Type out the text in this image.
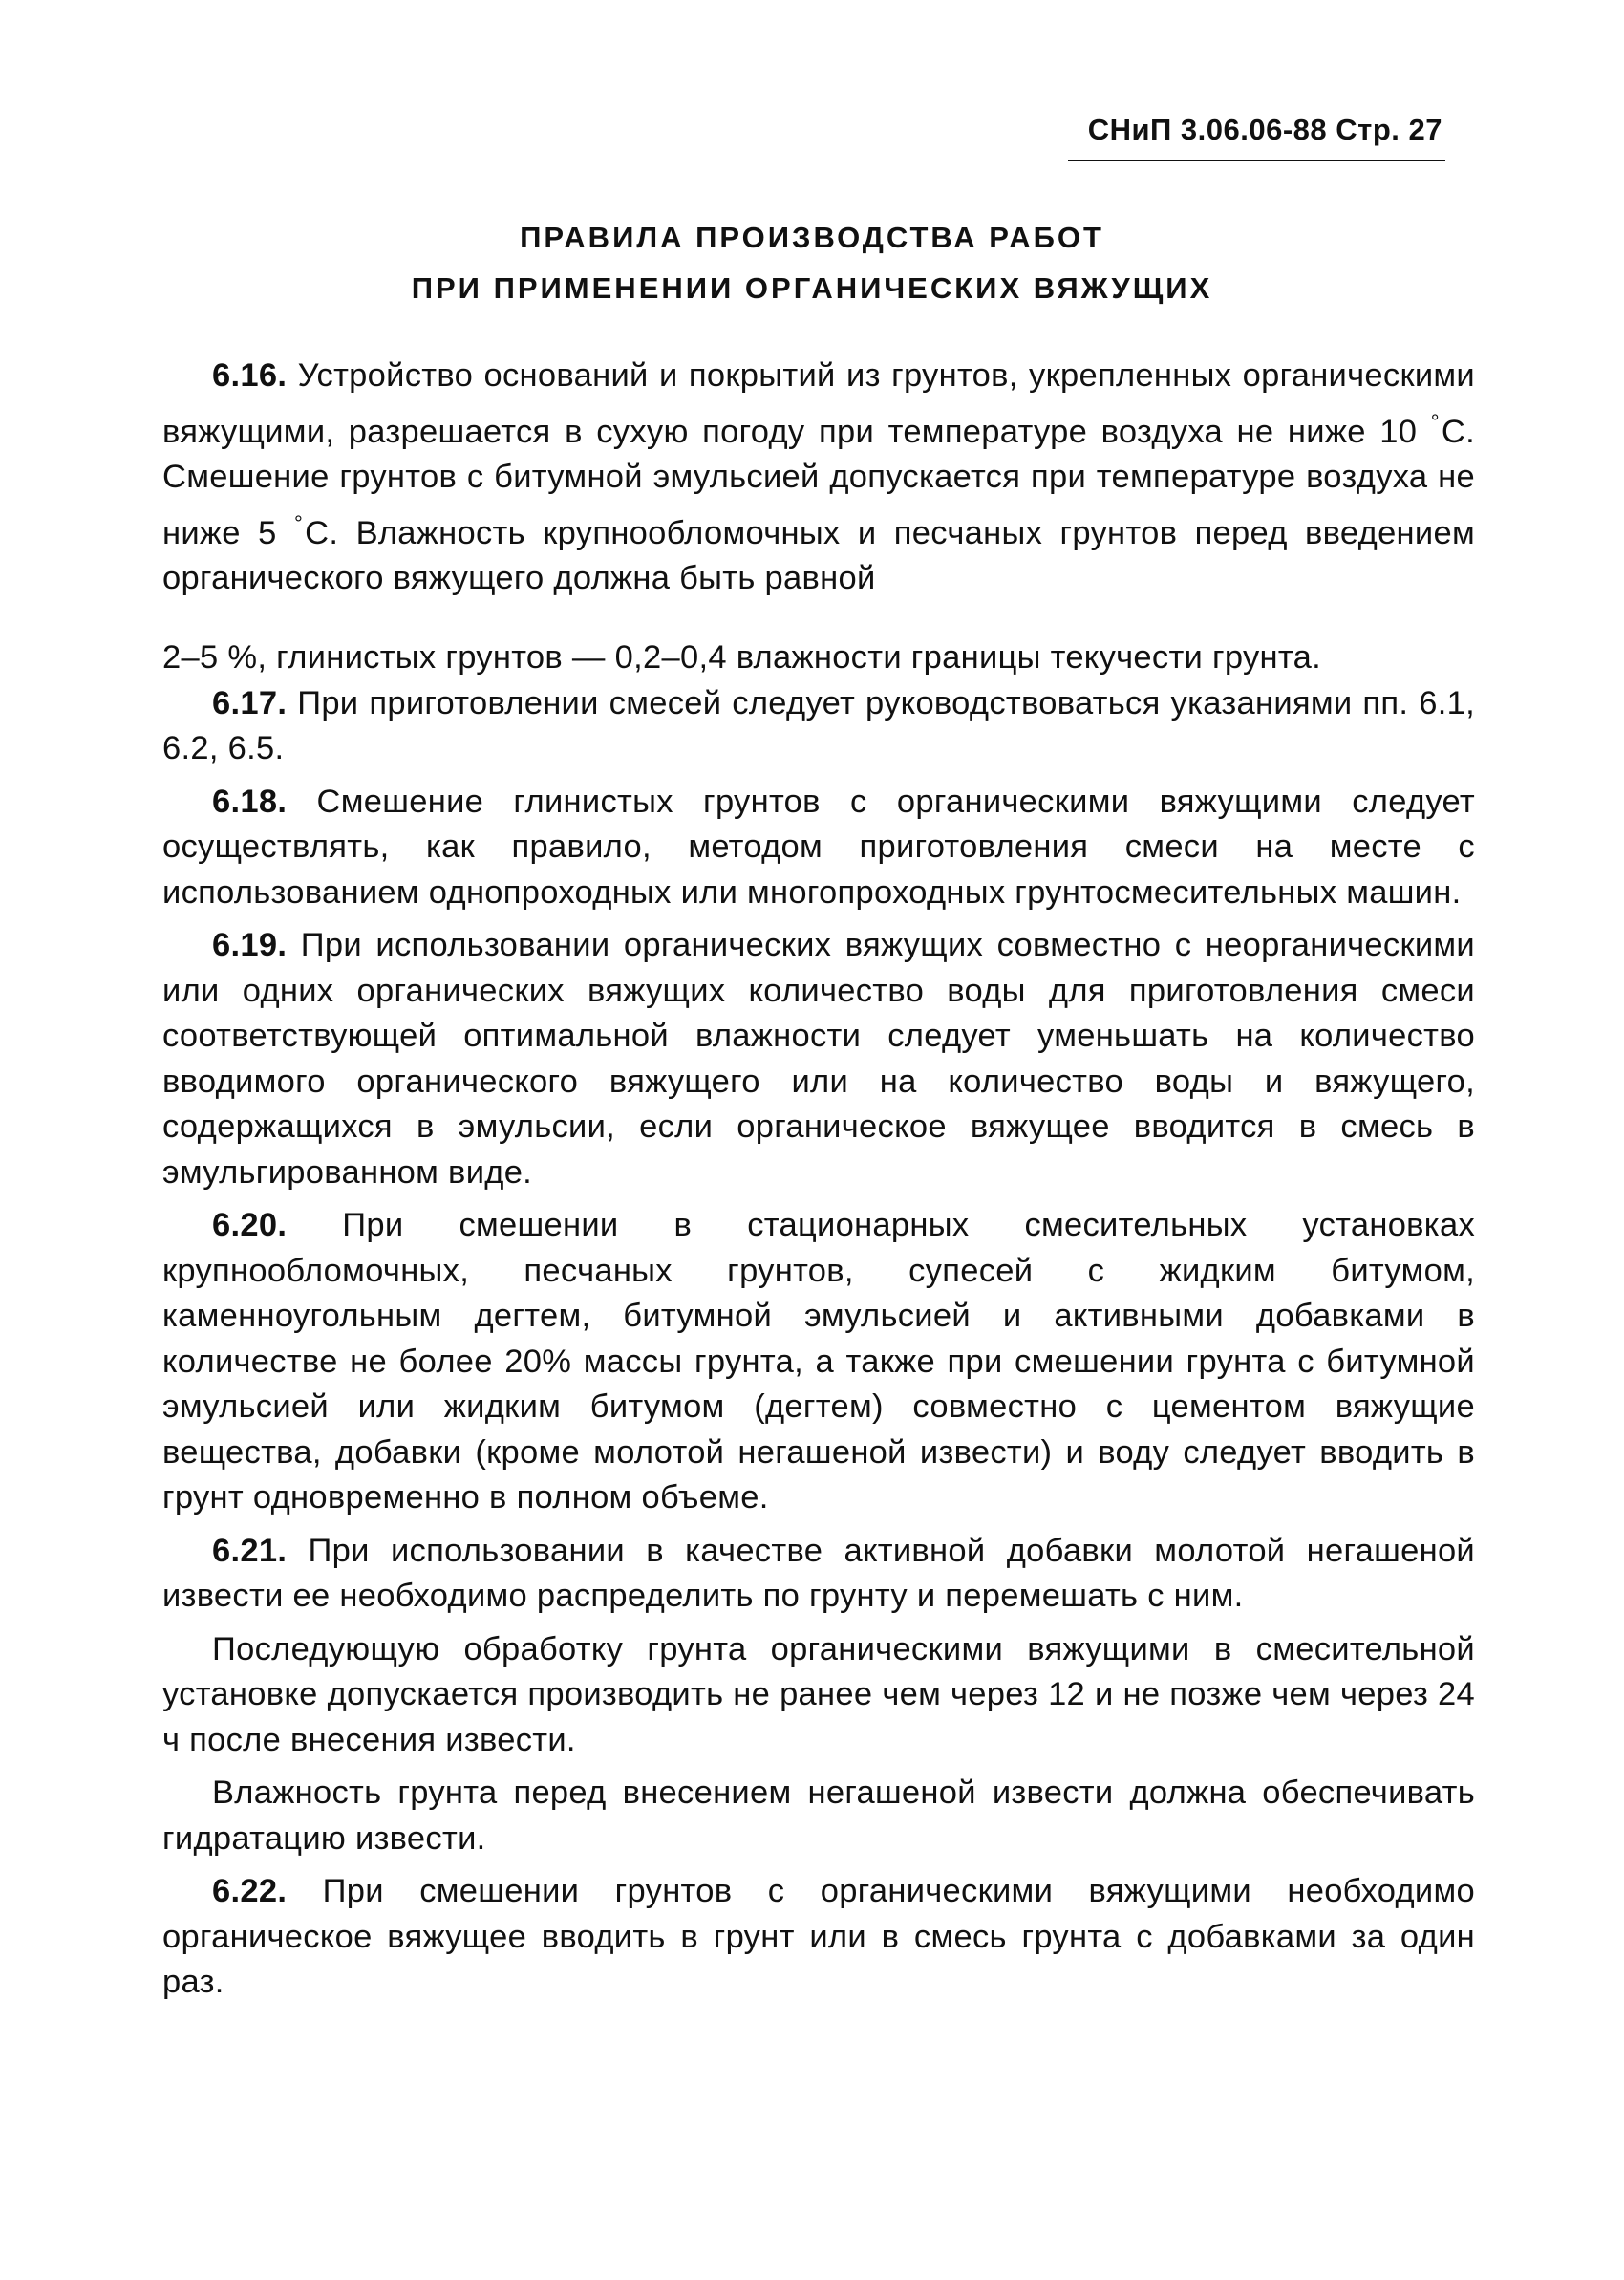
СНиП 3.06.06-88 Стр. 27
ПРАВИЛА ПРОИЗВОДСТВА РАБОТ
ПРИ ПРИМЕНЕНИИ ОРГАНИЧЕСКИХ ВЯЖУЩИХ

6.16. Устройство оснований и покрытий из грунтов, укрепленных органическими вяжущими, разрешается в сухую погоду при температуре воздуха не ниже 10 °С. Смешение грунтов с битумной эмульсией допускается при температуре воздуха не ниже 5 °С. Влажность крупнообломочных и песчаных грунтов перед введением органического вяжущего должна быть равной

2–5 %, глинистых грунтов — 0,2–0,4 влажности границы текучести грунта.

6.17. При приготовлении смесей следует руководствоваться указаниями пп. 6.1, 6.2, 6.5.

6.18. Смешение глинистых грунтов с органическими вяжущими следует осуществлять, как правило, методом приготовления смеси на месте с использованием однопроходных или многопроходных грунтосмесительных машин.

6.19. При использовании органических вяжущих совместно с неорганическими или одних органических вяжущих количество воды для приготовления смеси соответствующей оптимальной влажности следует уменьшать на количество вводимого органического вяжущего или на количество воды и вяжущего, содержащихся в эмульсии, если органическое вяжущее вводится в смесь в эмульгированном виде.

6.20. При смешении в стационарных смесительных установках крупнообломочных, песчаных грунтов, супесей с жидким битумом, каменноугольным дегтем, битумной эмульсией и активными добавками в количестве не более 20% массы грунта, а также при смешении грунта с битумной эмульсией или жидким битумом (дегтем) совместно с цементом вяжущие вещества, добавки (кроме молотой негашеной извести) и воду следует вводить в грунт одновременно в полном объеме.

6.21. При использовании в качестве активной добавки молотой негашеной извести ее необходимо распределить по грунту и перемешать с ним.

Последующую обработку грунта органическими вяжущими в смесительной установке допускается производить не ранее чем через 12 и не позже чем через 24 ч после внесения извести.

Влажность грунта перед внесением негашеной извести должна обеспечивать гидратацию извести.

6.22. При смешении грунтов с органическими вяжущими необходимо органическое вяжущее вводить в грунт или в смесь грунта с добавками за один раз.
